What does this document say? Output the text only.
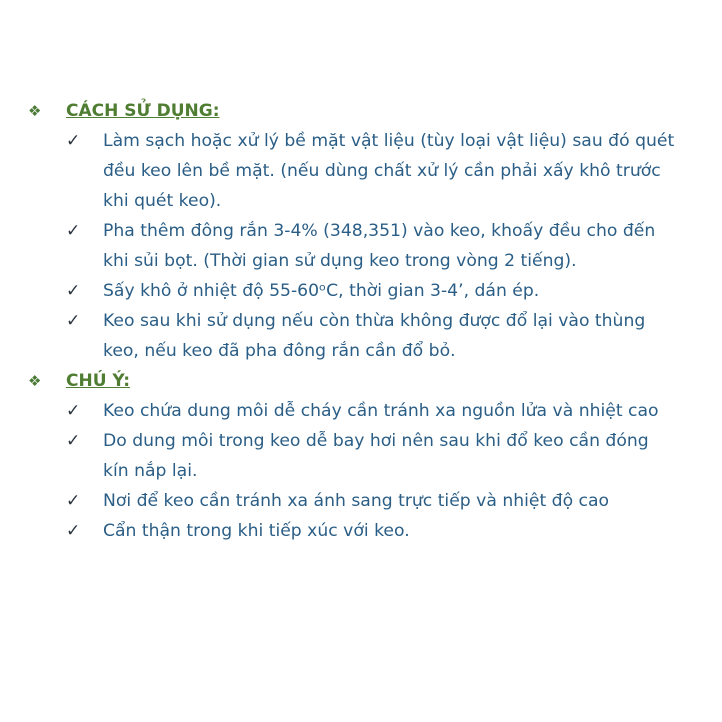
❖ CÁCH SỬ DỤNG:
✓ Làm sạch hoặc xử lý bề mặt vật liệu (tùy loại vật liệu) sau đó quét
đều keo lên bề mặt. (nếu dùng chất xử lý cần phải xấy khô trước
khi quét keo).
✓ Pha thêm đông rắn 3-4% (348,351) vào keo, khoấy đều cho đến
khi sủi bọt. (Thời gian sử dụng keo trong vòng 2 tiếng).
✓ Sấy khô ở nhiệt độ 55-60ᵒC, thời gian 3-4’, dán ép.
✓ Keo sau khi sử dụng nếu còn thừa không được đổ lại vào thùng
keo, nếu keo đã pha đông rắn cần đổ bỏ.
❖ CHÚ Ý:
✓ Keo chứa dung môi dễ cháy cần tránh xa nguồn lửa và nhiệt cao
✓ Do dung môi trong keo dễ bay hơi nên sau khi đổ keo cần đóng
kín nắp lại.
✓ Nơi để keo cần tránh xa ánh sang trực tiếp và nhiệt độ cao
✓ Cẩn thận trong khi tiếp xúc với keo.
